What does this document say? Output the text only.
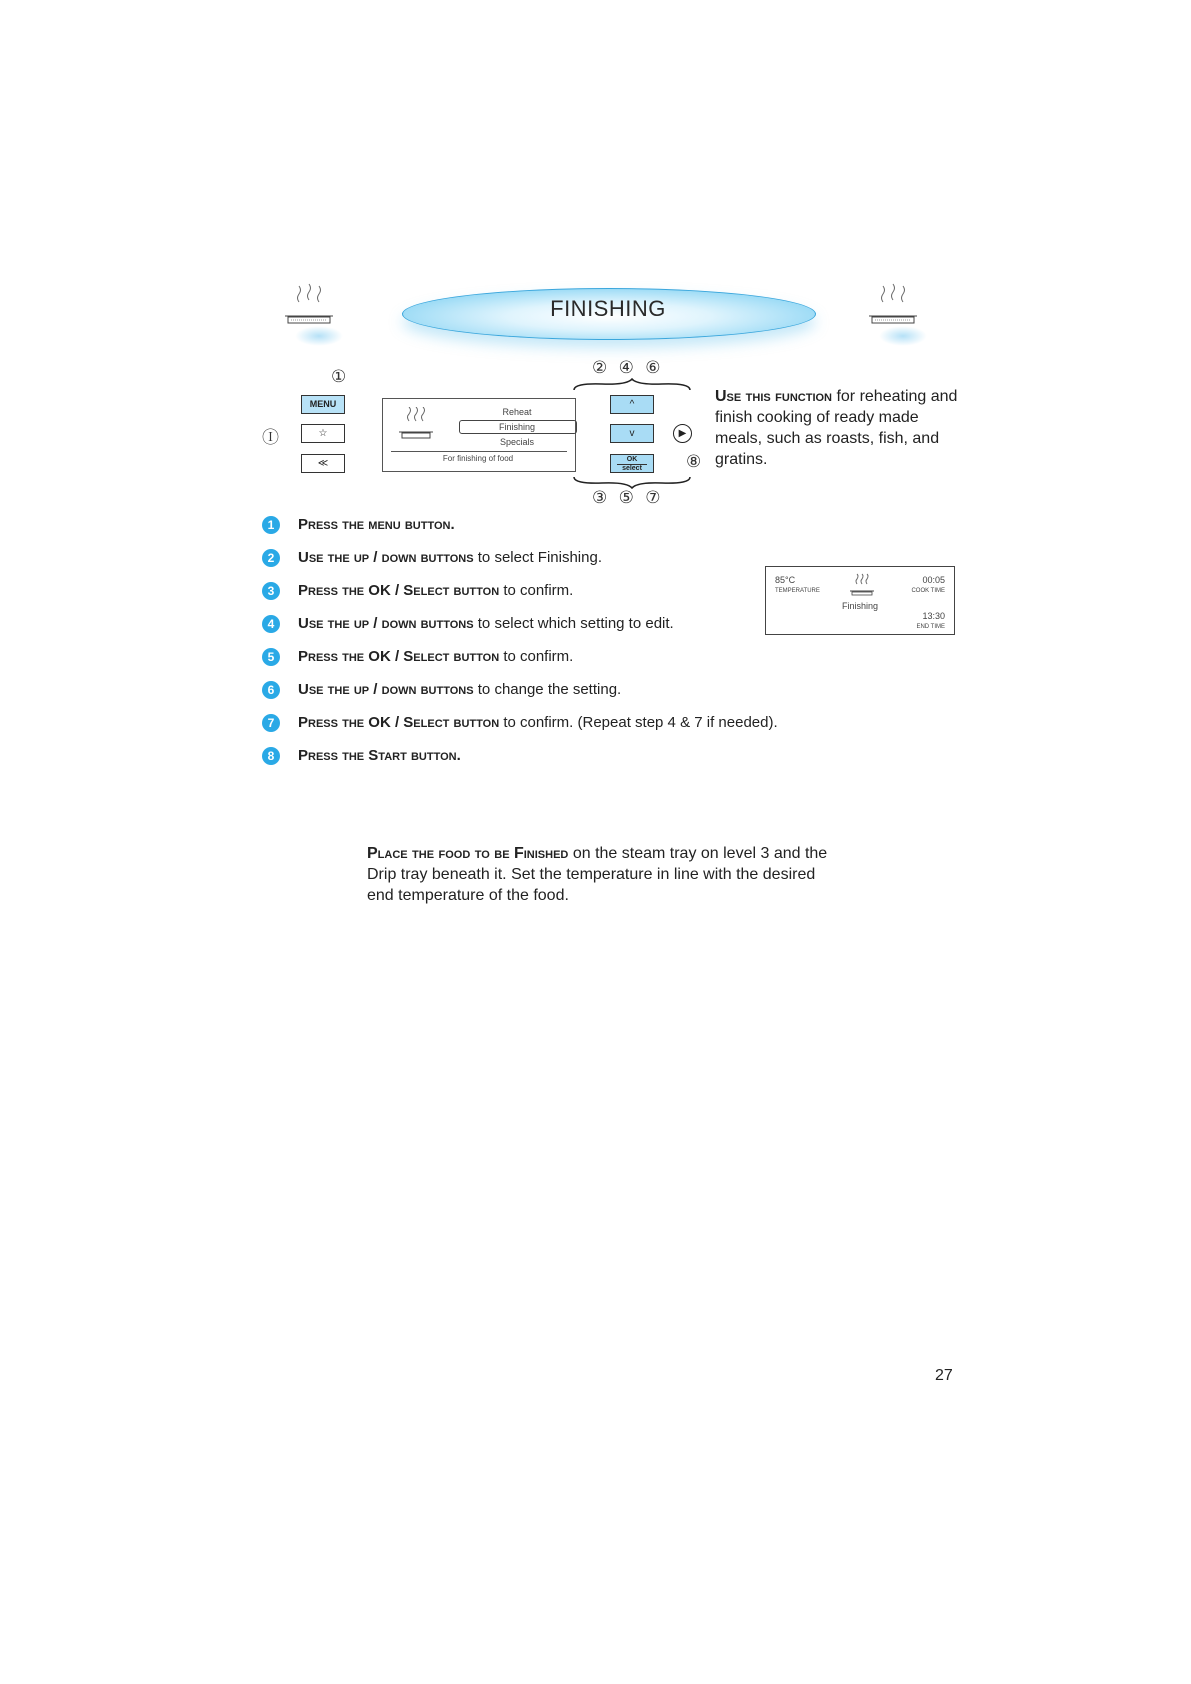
FINISHING
①
MENU
Ⓘ	☆
≪
Reheat
Finishing
Specials
For finishing of food
② ④ ⑥
^
v
OK
select
③ ⑤ ⑦
▶
⑧
Use this function for reheating and finish cooking of ready made meals, such as roasts, fish, and gratins.
1	Press the menu button.
2	Use the up / down buttons to select Finishing.
3	Press the OK / Select button to confirm.
4	Use the up / down buttons to select which setting to edit.
5	Press the OK / Select button to confirm.
6	Use the up / down buttons to change the setting.
7	Press the OK / Select button to confirm. (Repeat step 4 & 7 if needed).
8	Press the Start button.
85°C
TEMPERATURE
00:05
COOK TIME
Finishing
13:30
END TIME
Place the food to be Finished on the steam tray on level 3 and the Drip tray beneath it. Set the temperature in line with the desired end temperature of the food.
27
